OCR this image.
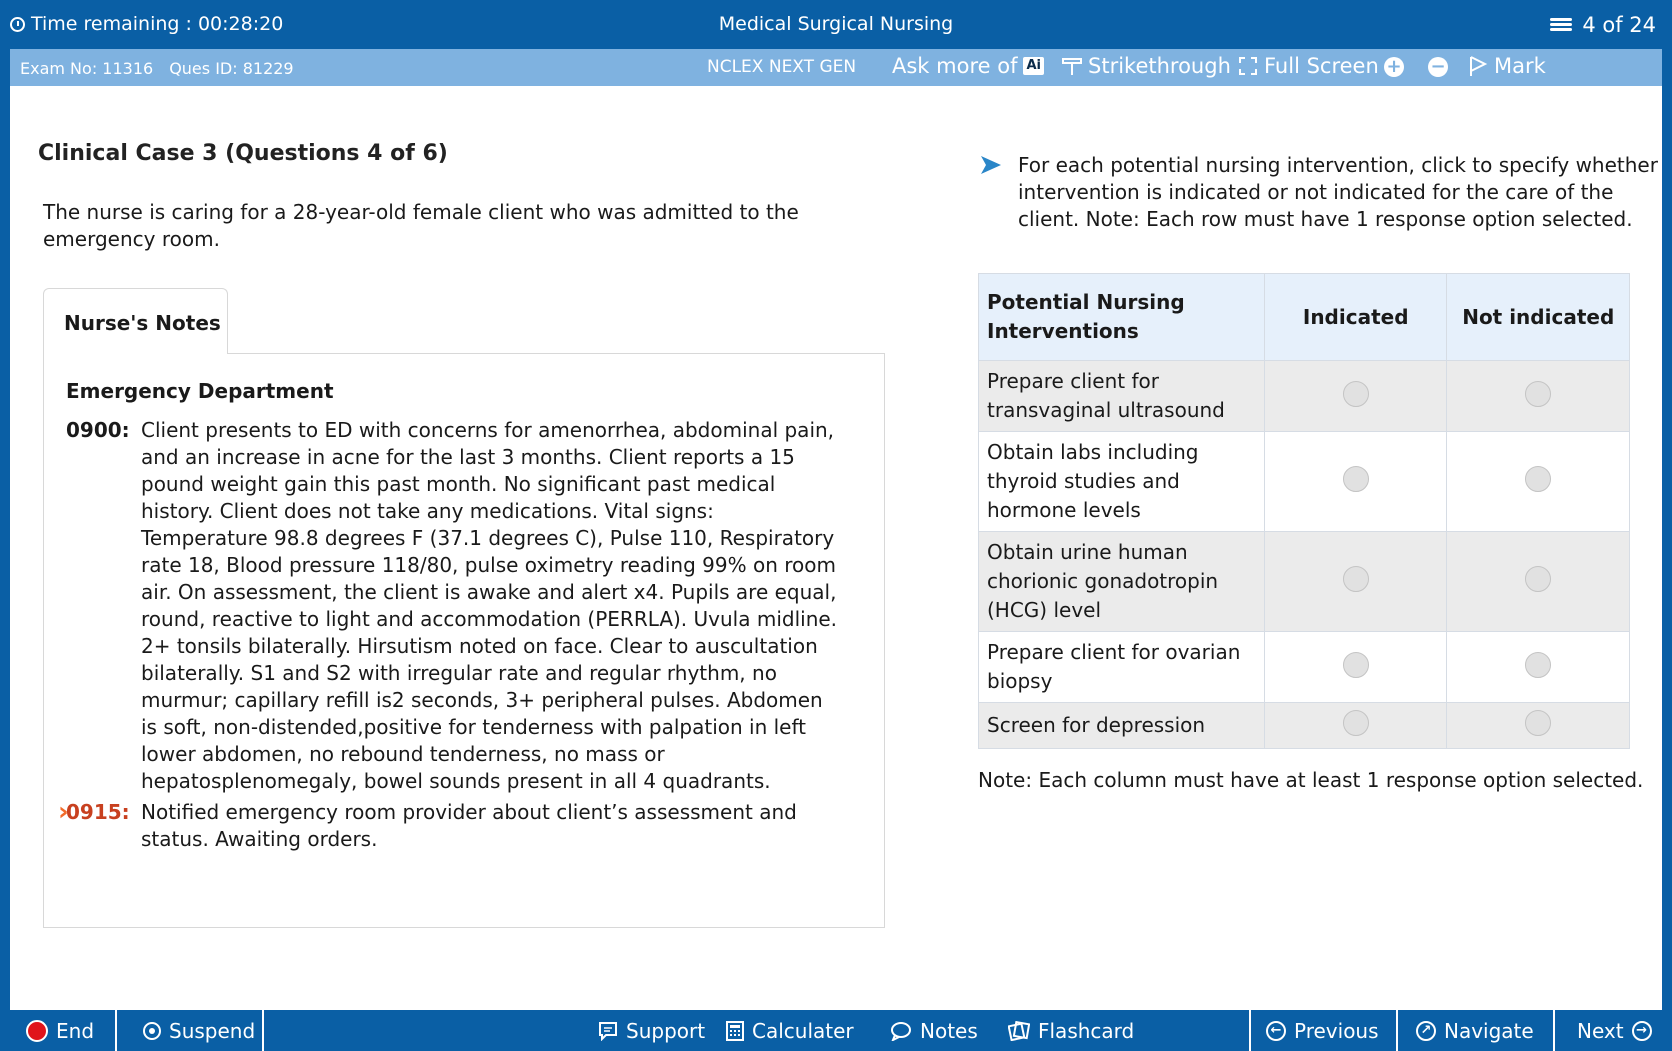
Time remaining : 00:28:20	Medical Surgical Nursing	4 of 24
Exam No: 11316 Ques ID: 81229	NCLEX NEXT GEN Ask more of Ai Strikethrough Full Screen + − Mark
Clinical Case 3 (Questions 4 of 6)
The nurse is caring for a 28-year-old female client who was admitted to the emergency room.
Nurse's Notes
Emergency Department
0900: Client presents to ED with concerns for amenorrhea, abdominal pain, and an increase in acne for the last 3 months. Client reports a 15 pound weight gain this past month. No significant past medical history. Client does not take any medications. Vital signs: Temperature 98.8 degrees F (37.1 degrees C), Pulse 110, Respiratory rate 18, Blood pressure 118/80, pulse oximetry reading 99% on room air. On assessment, the client is awake and alert x4. Pupils are equal, round, reactive to light and accommodation (PERRLA). Uvula midline. 2+ tonsils bilaterally. Hirsutism noted on face. Clear to auscultation bilaterally. S1 and S2 with irregular rate and regular rhythm, no murmur; capillary refill is2 seconds, 3+ peripheral pulses. Abdomen is soft, non-distended,positive for tenderness with palpation in left lower abdomen, no rebound tenderness, no mass or hepatosplenomegaly, bowel sounds present in all 4 quadrants.
›
0915: Notified emergency room provider about client’s assessment and status. Awaiting orders.
For each potential nursing intervention, click to specify whether intervention is indicated or not indicated for the care of the client. Note: Each row must have 1 response option selected.
Potential Nursing Interventions	Indicated	Not indicated
Prepare client for transvaginal ultrasound		
Obtain labs including thyroid studies and hormone levels		
Obtain urine human chorionic gonadotropin (HCG) level		
Prepare client for ovarian biopsy		
Screen for depression		
Note: Each column must have at least 1 response option selected.
End	Suspend	Support Calculater	Notes	Flashcard	← Previous	↗ Navigate Next →
